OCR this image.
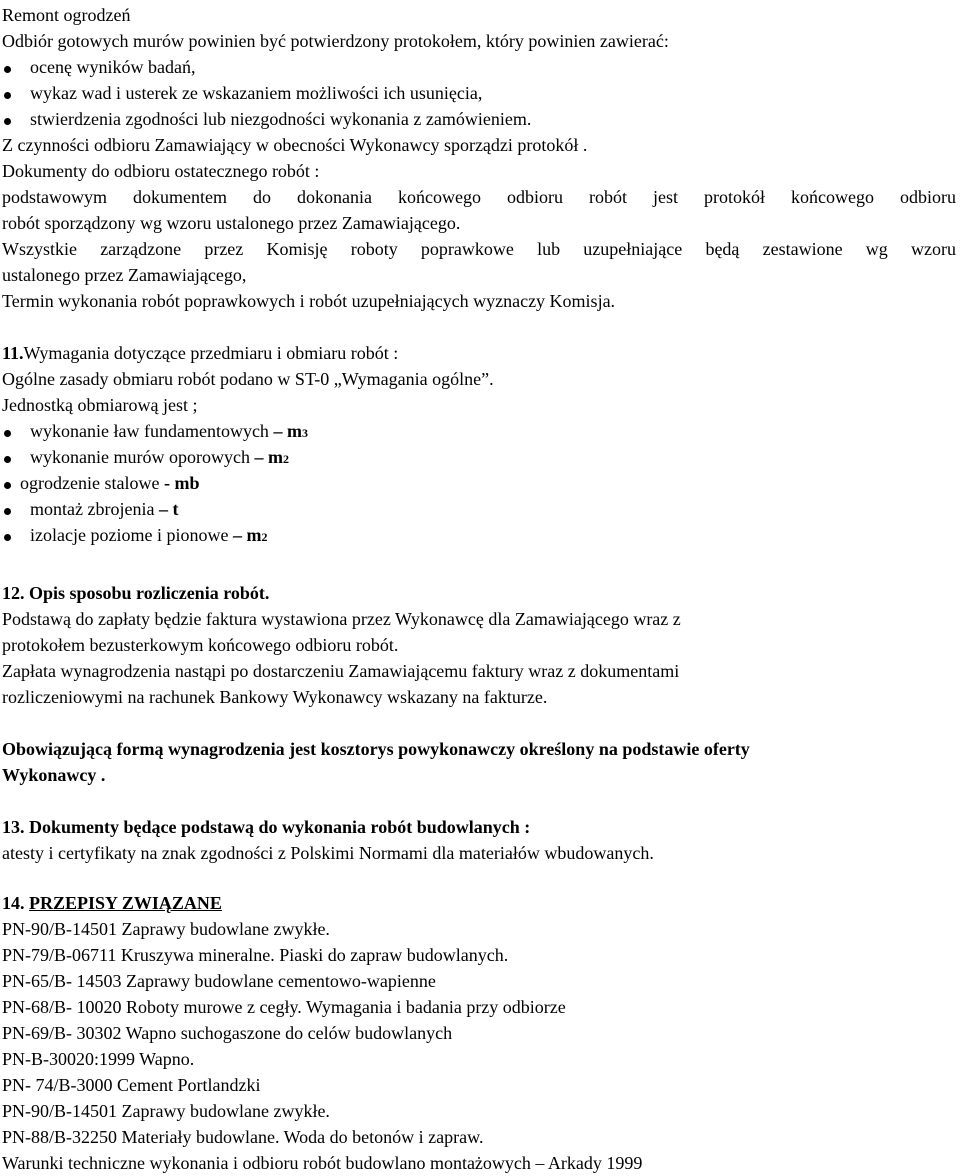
Remont ogrodzeń
Odbiór gotowych murów powinien być potwierdzony protokołem, który powinien zawierać:
ocenę wyników badań,
wykaz wad i usterek ze wskazaniem możliwości ich usunięcia,
stwierdzenia zgodności lub niezgodności wykonania z zamówieniem.
Z czynności odbioru Zamawiający w obecności Wykonawcy sporządzi protokół .
Dokumenty do odbioru ostatecznego robót :
podstawowym dokumentem do dokonania końcowego odbioru robót jest protokół końcowego odbioru
robót sporządzony wg wzoru ustalonego przez Zamawiającego.
Wszystkie zarządzone przez Komisję roboty poprawkowe lub uzupełniające będą zestawione wg wzoru
ustalonego przez Zamawiającego,
Termin wykonania robót poprawkowych i robót uzupełniających wyznaczy Komisja.
11.Wymagania dotyczące przedmiaru i obmiaru robót :
Ogólne zasady obmiaru robót podano w ST-0 „Wymagania ogólne”.
Jednostką obmiarową jest ;
wykonanie ław fundamentowych – m3
wykonanie murów oporowych – m2
ogrodzenie stalowe - mb
montaż zbrojenia – t
izolacje poziome i pionowe – m2
12. Opis sposobu rozliczenia robót.
Podstawą do zapłaty będzie faktura wystawiona przez Wykonawcę dla Zamawiającego wraz z
protokołem bezusterkowym końcowego odbioru robót.
Zapłata wynagrodzenia nastąpi po dostarczeniu Zamawiającemu faktury wraz z dokumentami
rozliczeniowymi na rachunek Bankowy Wykonawcy wskazany na fakturze.
Obowiązującą formą wynagrodzenia jest kosztorys powykonawczy określony na podstawie oferty
Wykonawcy .
13. Dokumenty będące podstawą do wykonania robót budowlanych :
atesty i certyfikaty na znak zgodności z Polskimi Normami dla materiałów wbudowanych.
14. PRZEPISY ZWIĄZANE
PN-90/B-14501 Zaprawy budowlane zwykłe.
PN-79/B-06711 Kruszywa mineralne. Piaski do zapraw budowlanych.
PN-65/B- 14503 Zaprawy budowlane cementowo-wapienne
PN-68/B- 10020 Roboty murowe z cegły. Wymagania i badania przy odbiorze
PN-69/B- 30302 Wapno suchogaszone do celów budowlanych
PN-B-30020:1999 Wapno.
PN- 74/B-3000 Cement Portlandzki
PN-90/B-14501 Zaprawy budowlane zwykłe.
PN-88/B-32250 Materiały budowlane. Woda do betonów i zapraw.
Warunki techniczne wykonania i odbioru robót budowlano montażowych – Arkady 1999
